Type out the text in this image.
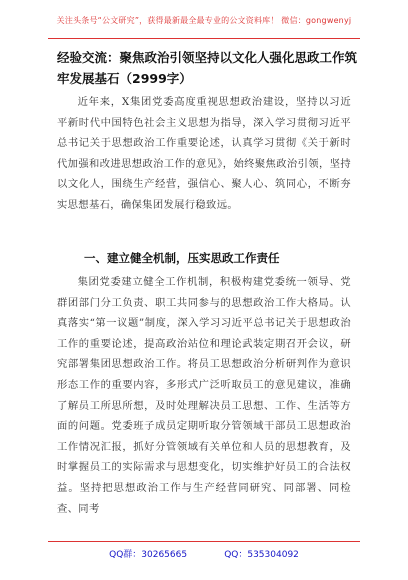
关注头条号“公文研究”，获得最新最全最专业的公文资料库！ 微信：gongwenyj
经验交流：聚焦政治引领坚持以文化人强化思政工作筑牢发展基石（2999字）
近年来，X集团党委高度重视思想政治建设，坚持以习近平新时代中国特色社会主义思想为指导，深入学习贯彻习近平总书记关于思想政治工作重要论述，认真学习贯彻《关于新时代加强和改进思想政治工作的意见》，始终聚焦政治引领，坚持以文化人，围绕生产经营，强信心、聚人心、筑同心，不断夯实思想基石，确保集团发展行稳致远。
一、建立健全机制，压实思政工作责任
集团党委建立健全工作机制，积极构建党委统一领导、党群团部门分工负责、职工共同参与的思想政治工作大格局。认真落实“第一议题”制度，深入学习习近平总书记关于思想政治工作的重要论述，提高政治站位和理论武装定期召开会议，研究部署集团思想政治工作。将员工思想政治分析研判作为意识形态工作的重要内容，多形式广泛听取员工的意见建议，准确了解员工所思所想，及时处理解决员工思想、工作、生活等方面的问题。党委班子成员定期听取分管领域干部员工思想政治工作情况汇报，抓好分管领域有关单位和人员的思想教育，及时掌握员工的实际需求与思想变化，切实维护好员工的合法权益。坚持把思想政治工作与生产经营同研究、同部署、同检查、同考
QQ群：30265665	QQ：535304092
